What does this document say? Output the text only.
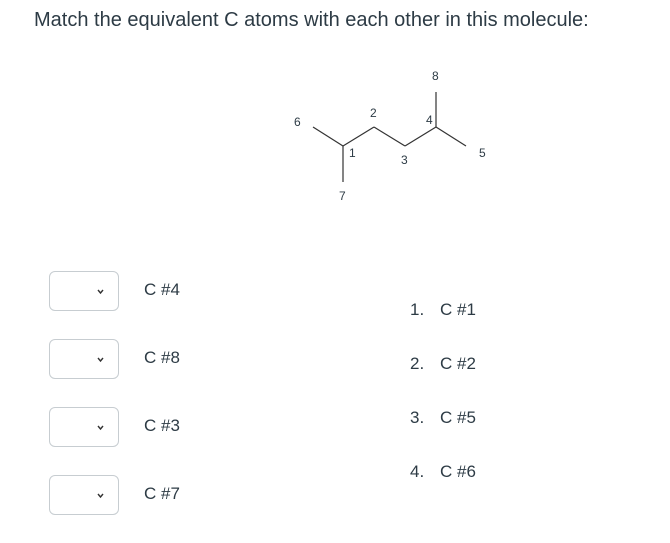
Match the equivalent C atoms with each other in this molecule:
6
1
7
2
3
4
8
5
C #4
C #8
C #3
C #7
1. C #1
2. C #2
3. C #5
4. C #6
